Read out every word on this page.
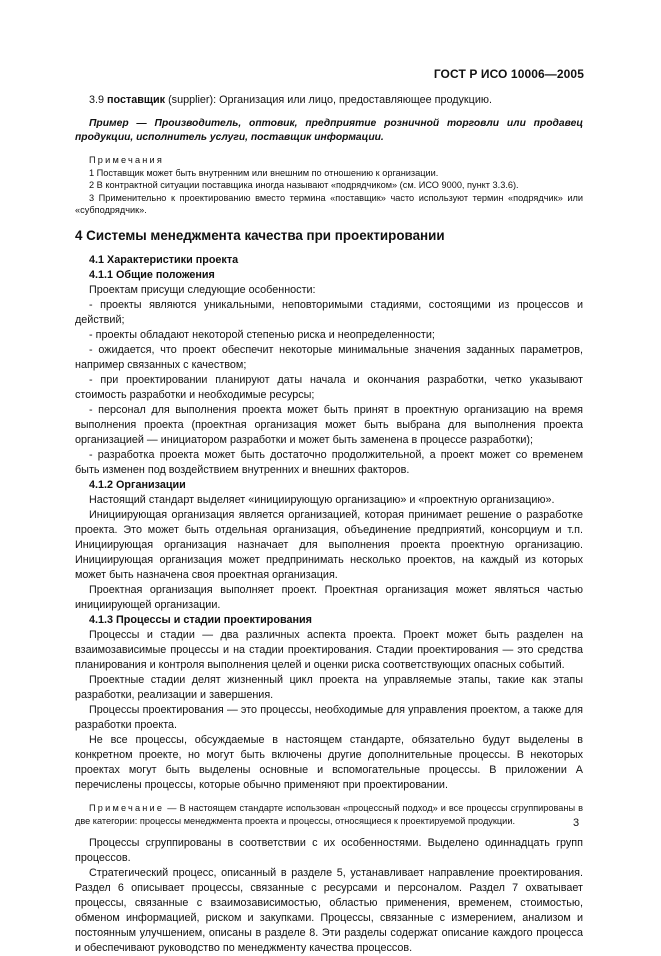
ГОСТ Р ИСО 10006—2005

3.9 поставщик (supplier): Организация или лицо, предоставляющее продукцию.

Пример — Производитель, оптовик, предприятие розничной торговли или продавец продукции, исполнитель услуги, поставщик информации.

Примечания

1 Поставщик может быть внутренним или внешним по отношению к организации.

2 В контрактной ситуации поставщика иногда называют «подрядчиком» (см. ИСО 9000, пункт 3.3.6).

3 Применительно к проектированию вместо термина «поставщик» часто используют термин «подрядчик» или «субподрядчик».

4 Системы менеджмента качества при проектировании

4.1 Характеристики проекта

4.1.1 Общие положения

Проектам присущи следующие особенности:

- проекты являются уникальными, неповторимыми стадиями, состоящими из процессов и действий;

- проекты обладают некоторой степенью риска и неопределенности;

- ожидается, что проект обеспечит некоторые минимальные значения заданных параметров, например связанных с качеством;

- при проектировании планируют даты начала и окончания разработки, четко указывают стоимость разработки и необходимые ресурсы;

- персонал для выполнения проекта может быть принят в проектную организацию на время выполнения проекта (проектная организация может быть выбрана для выполнения проекта организацией — инициатором разработки и может быть заменена в процессе разработки);

- разработка проекта может быть достаточно продолжительной, а проект может со временем быть изменен под воздействием внутренних и внешних факторов.

4.1.2 Организации

Настоящий стандарт выделяет «инициирующую организацию» и «проектную организацию».

Инициирующая организация является организацией, которая принимает решение о разработке проекта. Это может быть отдельная организация, объединение предприятий, консорциум и т.п. Инициирующая организация назначает для выполнения проекта проектную организацию. Инициирующая организация может предпринимать несколько проектов, на каждый из которых может быть назначена своя проектная организация.

Проектная организация выполняет проект. Проектная организация может являться частью инициирующей организации.

4.1.3 Процессы и стадии проектирования

Процессы и стадии — два различных аспекта проекта. Проект может быть разделен на взаимозависимые процессы и на стадии проектирования. Стадии проектирования — это средства планирования и контроля выполнения целей и оценки риска соответствующих опасных событий.

Проектные стадии делят жизненный цикл проекта на управляемые этапы, такие как этапы разработки, реализации и завершения.

Процессы проектирования — это процессы, необходимые для управления проектом, а также для разработки проекта.

Не все процессы, обсуждаемые в настоящем стандарте, обязательно будут выделены в конкретном проекте, но могут быть включены другие дополнительные процессы. В некоторых проектах могут быть выделены основные и вспомогательные процессы. В приложении А перечислены процессы, которые обычно применяют при проектировании.

Примечание — В настоящем стандарте использован «процессный подход» и все процессы сгруппированы в две категории: процессы менеджмента проекта и процессы, относящиеся к проектируемой продукции.

Процессы сгруппированы в соответствии с их особенностями. Выделено одиннадцать групп процессов.

Стратегический процесс, описанный в разделе 5, устанавливает направление проектирования. Раздел 6 описывает процессы, связанные с ресурсами и персоналом. Раздел 7 охватывает процессы, связанные с взаимозависимостью, областью применения, временем, стоимостью, обменом информацией, риском и закупками. Процессы, связанные с измерением, анализом и постоянным улучшением, описаны в разделе 8. Эти разделы содержат описание каждого процесса и обеспечивают руководство по менеджменту качества процессов.

3
